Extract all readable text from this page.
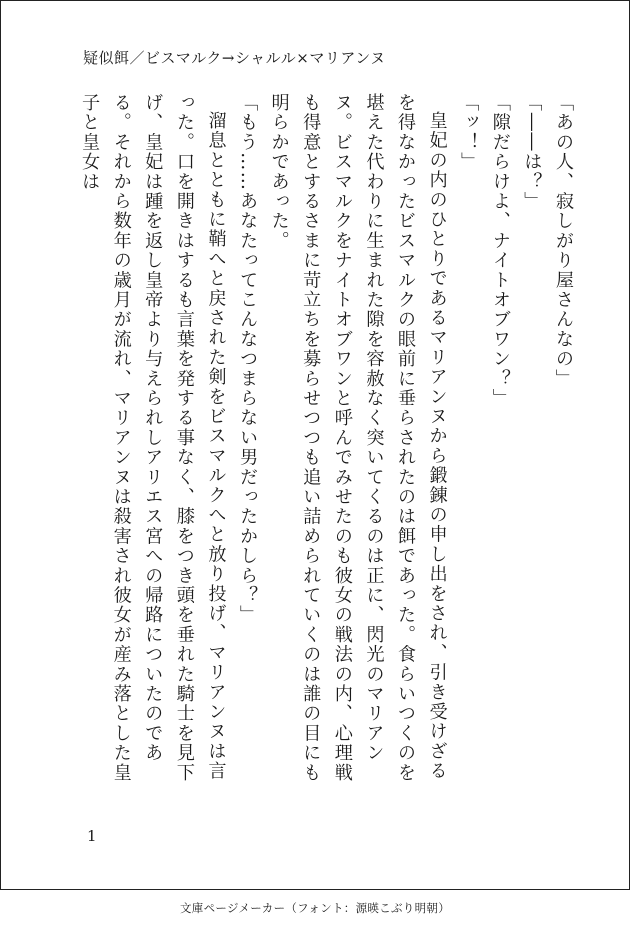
疑似餌／ビスマルク→シャルル×マリアンヌ

「あの人、寂しがり屋さんなの」

「――は？」

「隙だらけよ、ナイトオブワン？」

「ッ！」

皇妃の内のひとりであるマリアンヌから鍛錬の申し出をされ、引き受けざるを得なかったビスマルクの眼前に垂らされたのは餌であった。食らいつくのを堪えた代わりに生まれた隙を容赦なく突いてくるのは正に、閃光のマリアンヌ。ビスマルクをナイトオブワンと呼んでみせたのも彼女の戦法の内、心理戦も得意とするさまに苛立ちを募らせつつも追い詰められていくのは誰の目にも明らかであった。

「もう……あなたってこんなつまらない男だったかしら？」

溜息とともに鞘へと戻された剣をビスマルクへと放り投げ、マリアンヌは言った。口を開きはするも言葉を発する事なく、膝をつき頭を垂れた騎士を見下げ、皇妃は踵を返し皇帝より与えられしアリエス宮への帰路についたのである。それから数年の歳月が流れ、マリアンヌは殺害され彼女が産み落とした皇子と皇女は

1
文庫ページメーカー（フォント：源暎こぶり明朝）
